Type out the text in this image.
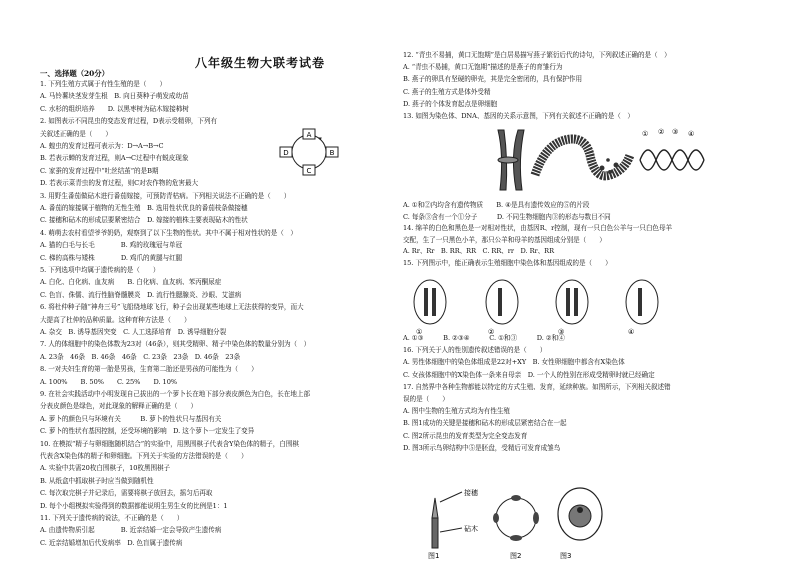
八年级生物大联考试卷
一、选择题（20分）
1. 下列生殖方式属于有性生殖的是（　　）
A. 马铃薯块茎发芽生根　B. 向日葵种子萌发成幼苗
C. 水杉的组织培养　　D. 以黑枣树为砧木嫁接柿树
2. 如图表示不同昆虫的变态发育过程，D表示受精卵，下列有
关叙述正确的是（　　）
A. 蝗虫的发育过程可表示为：D→A→B→C
B. 若表示蝉的发育过程，则A→C过程中有蜕皮现象
C. 家蚕的发育过程中“吐丝结茧”的是B期
D. 若表示菜青虫的发育过程，则C对农作物的危害最大
3. 用野生番茄做砧木进行番茄嫁接，可预防青枯病。下列相关说法不正确的是（　　）
A. 番茄的嫁接属于植物的无性生殖　B. 选用性状优良的番茄枝条做接穗
C. 接穗和砧木的形成层要紧密结合　D. 嫁接的植株主要表现砧木的性状
4. 萌萌去农村看望爷爷奶奶，观察到了以下生物的性状。其中不属于相对性状的是（　）
A. 猫的白毛与长毛　　　　B. 鸡的玫瑰冠与单冠
C. 梯的高株与矮株　　　　D. 鸡爪的黄腿与红腿
5. 下列选项中均属于遗传病的是（　　）
A. 白化、白化病、血友病　　B. 白化病、血友病、苯丙酮尿症
C. 色盲、侏儒、流行性脑脊髓膜炎　D. 流行性腮腺炎、沙眼、艾滋病
6. 将杜仲种子随“神舟三号”飞船绕地球飞行，种子会出现某些地球上无法获得的变异，而大
大提高了杜仲的品种质量。这种育种方法是（　　）
A. 杂交　B. 诱导基因突变　C. 人工选择培育　D. 诱导细胞分裂
7. 人的体细胞中的染色体数为23对（46条），则其受精卵、精子中染色体的数量分别为（　）
A. 23条　46条　B. 46条　46条　C. 23条　23条　D. 46条　23条
8. 一对夫妇生育的第一胎是男孩，生育第二胎还是男孩的可能性为（　　）
A. 100%　　B. 50%　　C. 25%　　D. 10%
9. 在社会实践活动中小明发现自己拔出的一个萝卜长在地下部分表皮颜色为白色，长在地上部
分表皮颜色是绿色，对此现象的解释正确的是（　　）
A. 萝卜的颜色只与环境有关　　　B. 萝卜的性状只与基因有关
C. 萝卜的性状有基因控制，还受环境的影响　D. 这个萝卜一定发生了变异
10. 在模拟“精子与卵细胞随机结合”的实验中，用黑围棋子代表含Y染色体的精子，白围棋
代表含X染色体的精子和卵细胞。下列关于实验的方法错误的是（　　）
A. 实验中共需20枚白围棋子，10枚黑围棋子
B. 从纸盒中抓取棋子时应当做到随机性
C. 每次取完棋子并记录后，需要将棋子放回去，摇匀后再取
D. 每个小组模拟实验得到的数据都能说明生男生女的比例是1：1
11. 下列关于遗传病的说法，不正确的是（　　）
A. 由遗传物质引起　　　　B. 近亲结婚一定会导致产生遗传病
C. 近亲结婚增加后代发病率　D. 色盲属于遗传病
12. “青虫不易捕，黄口无饱期”是白居易描写燕子繁衍后代的诗句，下列叙述正确的是（　）
A. “青虫不易捕，黄口无饱期”描述的是燕子的育雏行为
B. 燕子的卵具有坚硬的卵壳，其是完全密闭的，具有保护作用
C. 燕子的生殖方式是体外受精
D. 燕子的个体发育起点是卵细胞
13. 如图为染色体、DNA、基因的关系示意图，下列有关叙述不正确的是（　）
A. ①和②内均含有遗传物质　　B. ④是具有遗传效应的⑤的片段
C. 每条③含有一个①分子　　　D. 不同生物细胞内③的形态与数目不同
14. 绵羊的白色和黑色是一对相对性状，由基因R、r控制，现有一只白色公羊与一只白色母羊
交配，生了一只黑色小羊，那只公羊和母羊的基因组成分别是（　　）
A. Rr、Rr　B. RR、RR　C. RR、rr　D. Rr、RR
15. 下列图示中，能正确表示生殖细胞中染色体和基因组成的是（　　）
A. ①③　　　B. ②③④　　　C. ①和③　　　D. ②和④
16. 下列关于人的性别遗传叙述错误的是（　　）
A. 男性体细胞中的染色体组成是22对+XY　B. 女性卵细胞中都含有X染色体
C. 女孩体细胞中的X染色体一条来自母亲　D. 一个人的性别在形成受精卵时就已经确定
17. 自然界中各种生物都能以特定的方式生殖、发育，延续种族。如图所示，下列相关叙述错
误的是（　　）
A. 图中生物的生殖方式均为有性生殖
B. 图1成功的关键是接穗和砧木的形成层紧密结合在一起
C. 图2所示昆虫的发育类型为完全变态发育
D. 图3所示鸟卵结构中⑤是胚盘，受精后可发育成雏鸟
A
B
C
D
① ② ③ ④
①	②	③	④
接穗
砧木
图1	图2	图3
